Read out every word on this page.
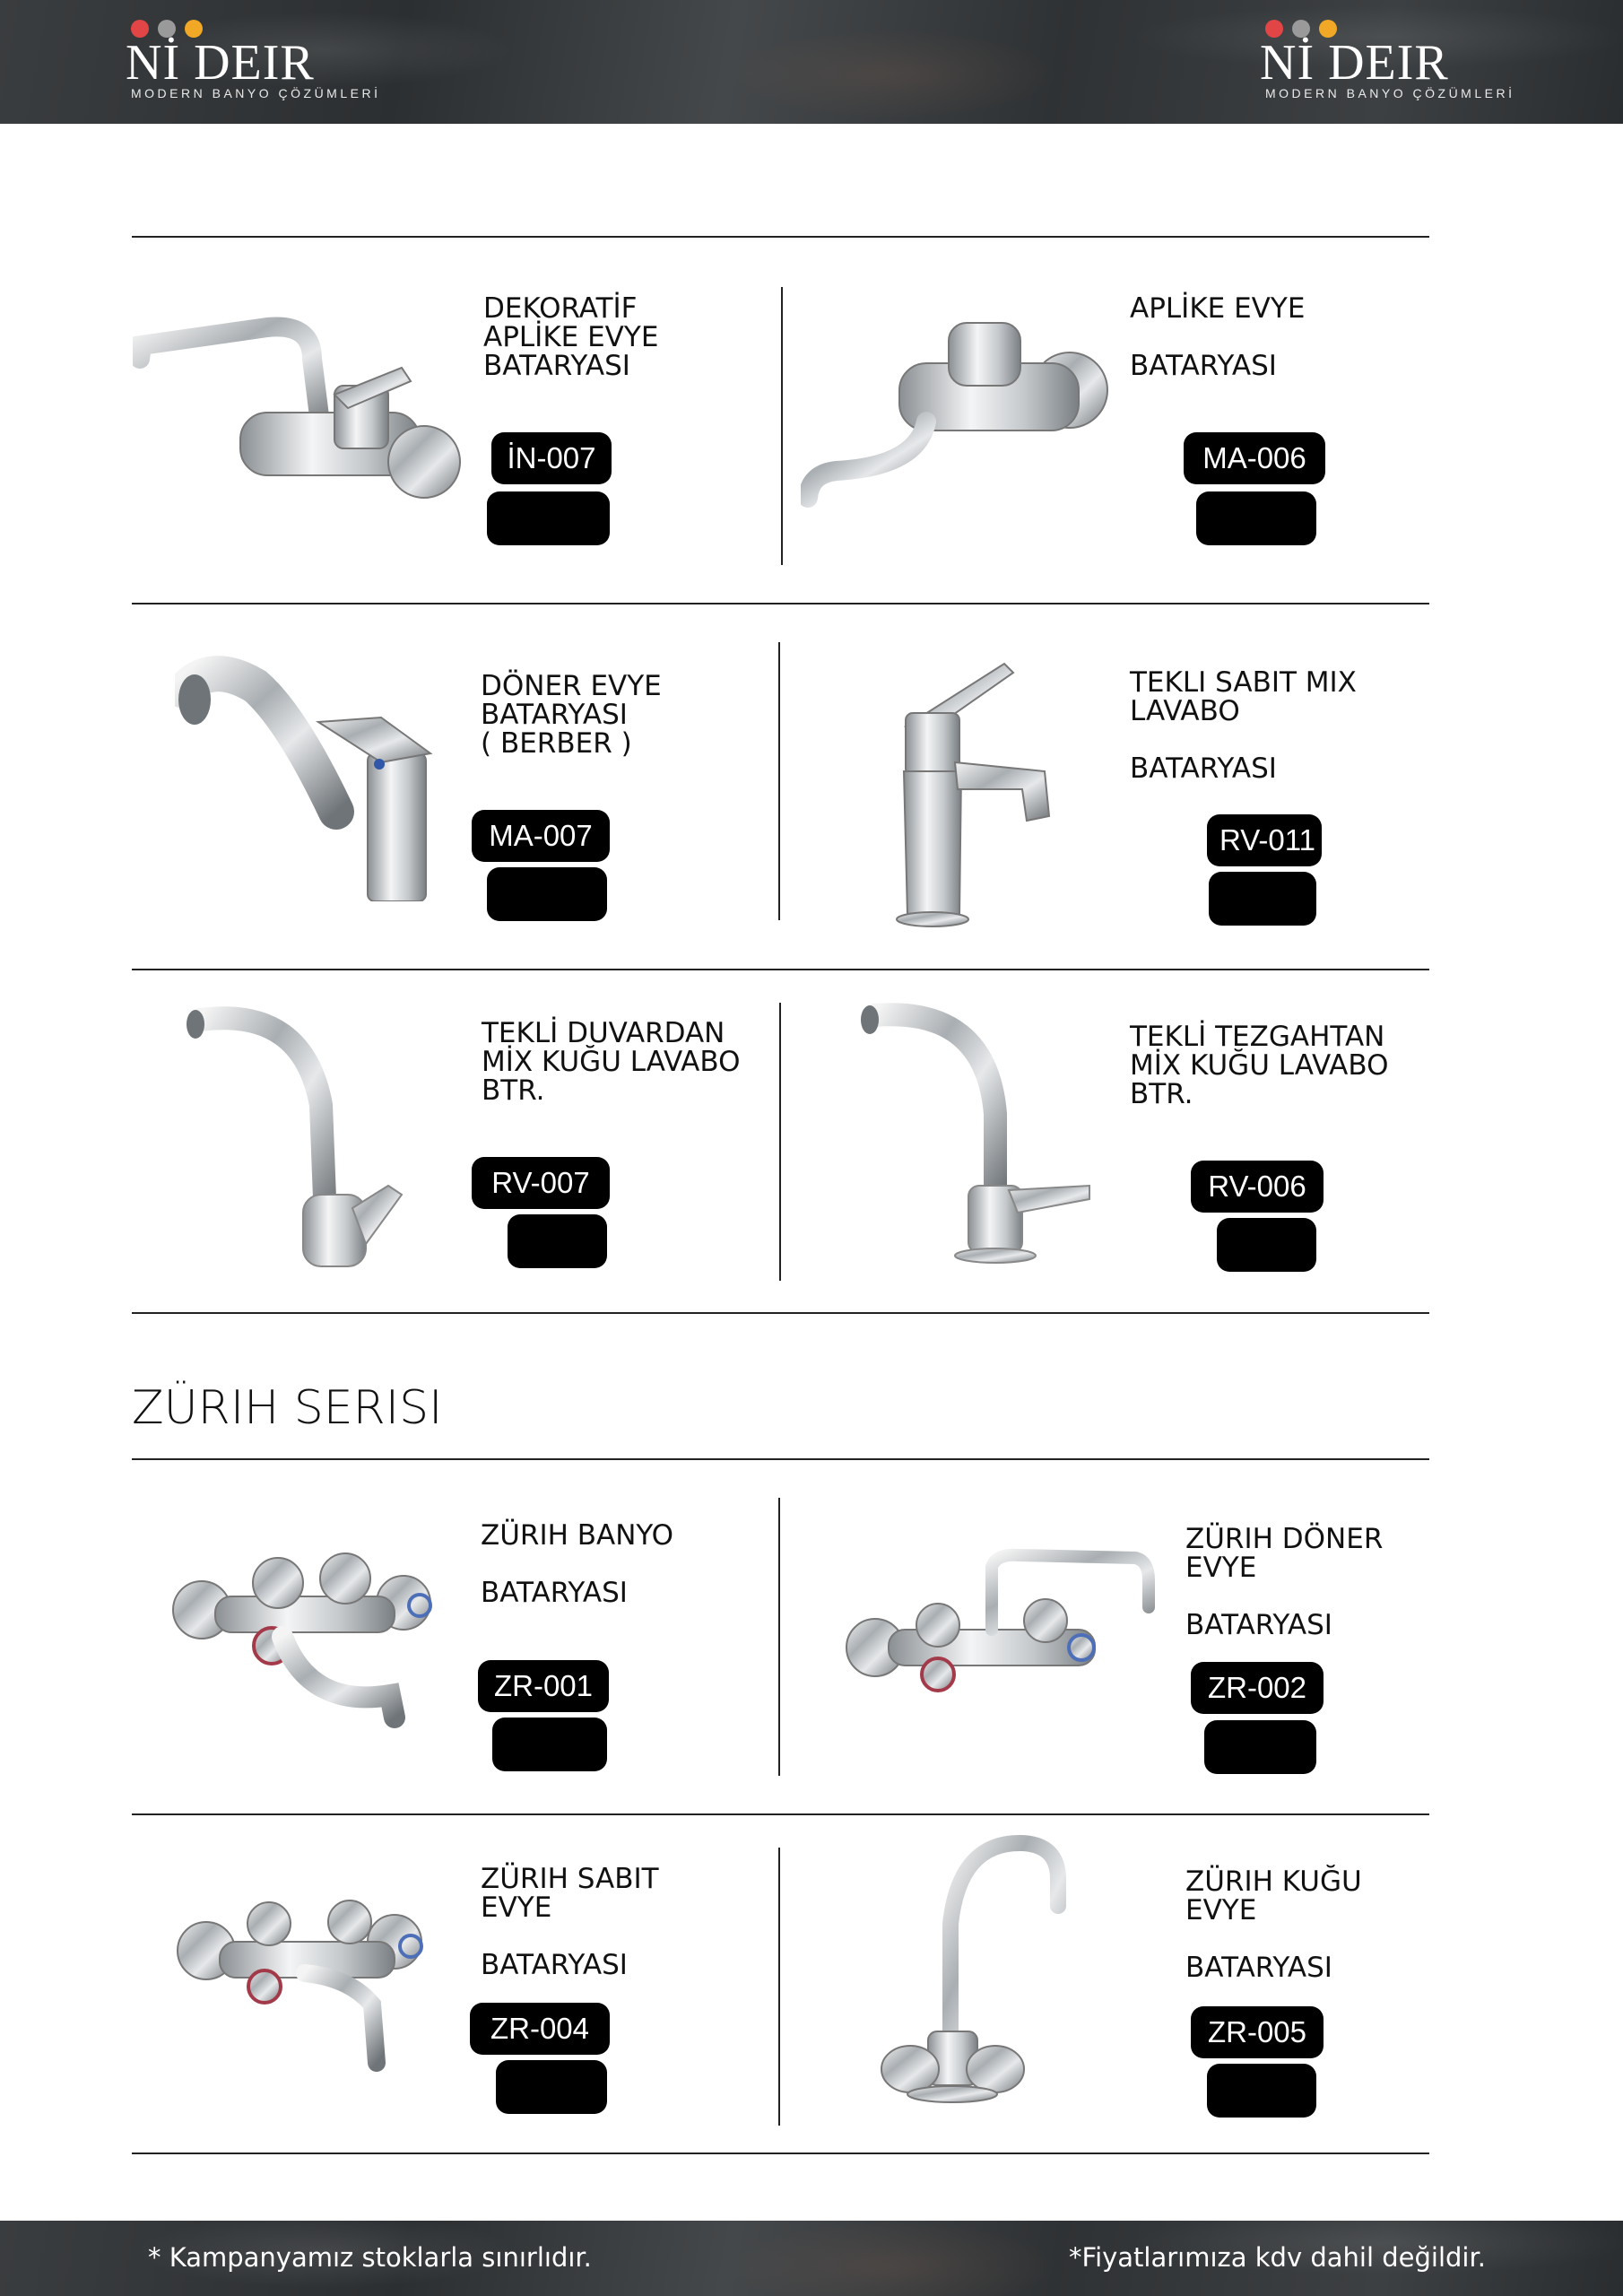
Nİ DEIR
MODERN BANYO ÇÖZÜMLERİ
Nİ DEIR
MODERN BANYO ÇÖZÜMLERİ
DEKORATİF
APLİKE EVYE
BATARYASI
İN-007
APLİKE EVYE

BATARYASI
MA-006
DÖNER EVYE
BATARYASI
( BERBER )
MA-007
TEKLI SABIT MIX
LAVABO

BATARYASI
RV-011
TEKLİ DUVARDAN
MİX KUĞU LAVABO
BTR.
RV-007
TEKLİ TEZGAHTAN
MİX KUĞU LAVABO
BTR.
RV-006
ZÜRIH SERISI
ZÜRIH BANYO

BATARYASI
ZR-001
ZÜRIH DÖNER
EVYE

BATARYASI
ZR-002
ZÜRIH SABIT
EVYE

BATARYASI
ZR-004
ZÜRIH KUĞU
EVYE

BATARYASI
ZR-005
* Kampanyamız stoklarla sınırlıdır.	*Fiyatlarımıza kdv dahil değildir.
